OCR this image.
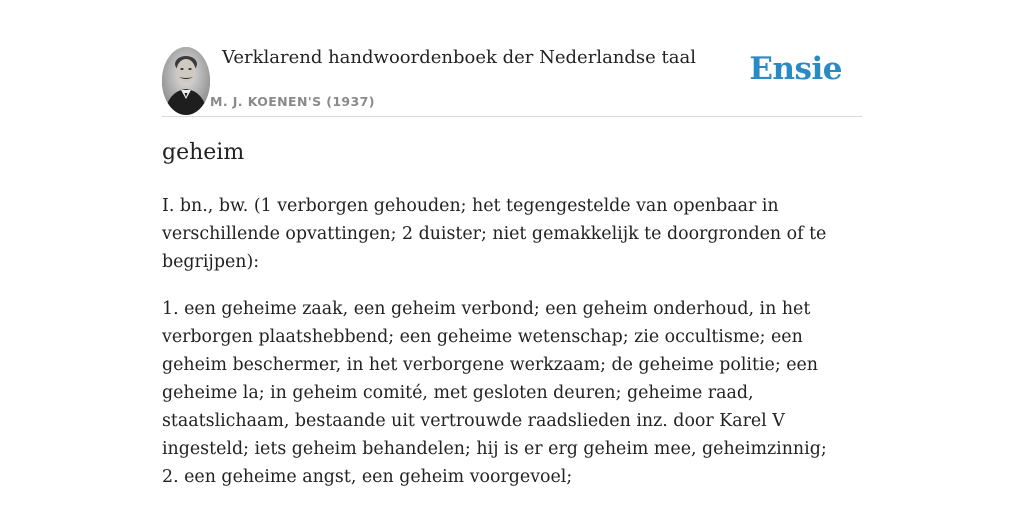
Verklarend handwoordenboek der Nederlandse taal
M. J. KOENEN'S (1937)
Ensie
geheim

I. bn., bw. (1 verborgen gehouden; het tegengestelde van openbaar in verschillende opvattingen; 2 duister; niet gemakkelijk te doorgronden of te begrijpen):

1. een geheime zaak, een geheim verbond; een geheim onderhoud, in het verborgen plaatshebbend; een geheime wetenschap; zie occultisme; een geheim beschermer, in het verborgene werkzaam; de geheime politie; een geheime la; in geheim comité, met gesloten deuren; geheime raad, staatslichaam, bestaande uit vertrouwde raadslieden inz. door Karel V ingesteld; iets geheim behandelen; hij is er erg geheim mee, geheimzinnig;
2. een geheime angst, een geheim voorgevoel;
